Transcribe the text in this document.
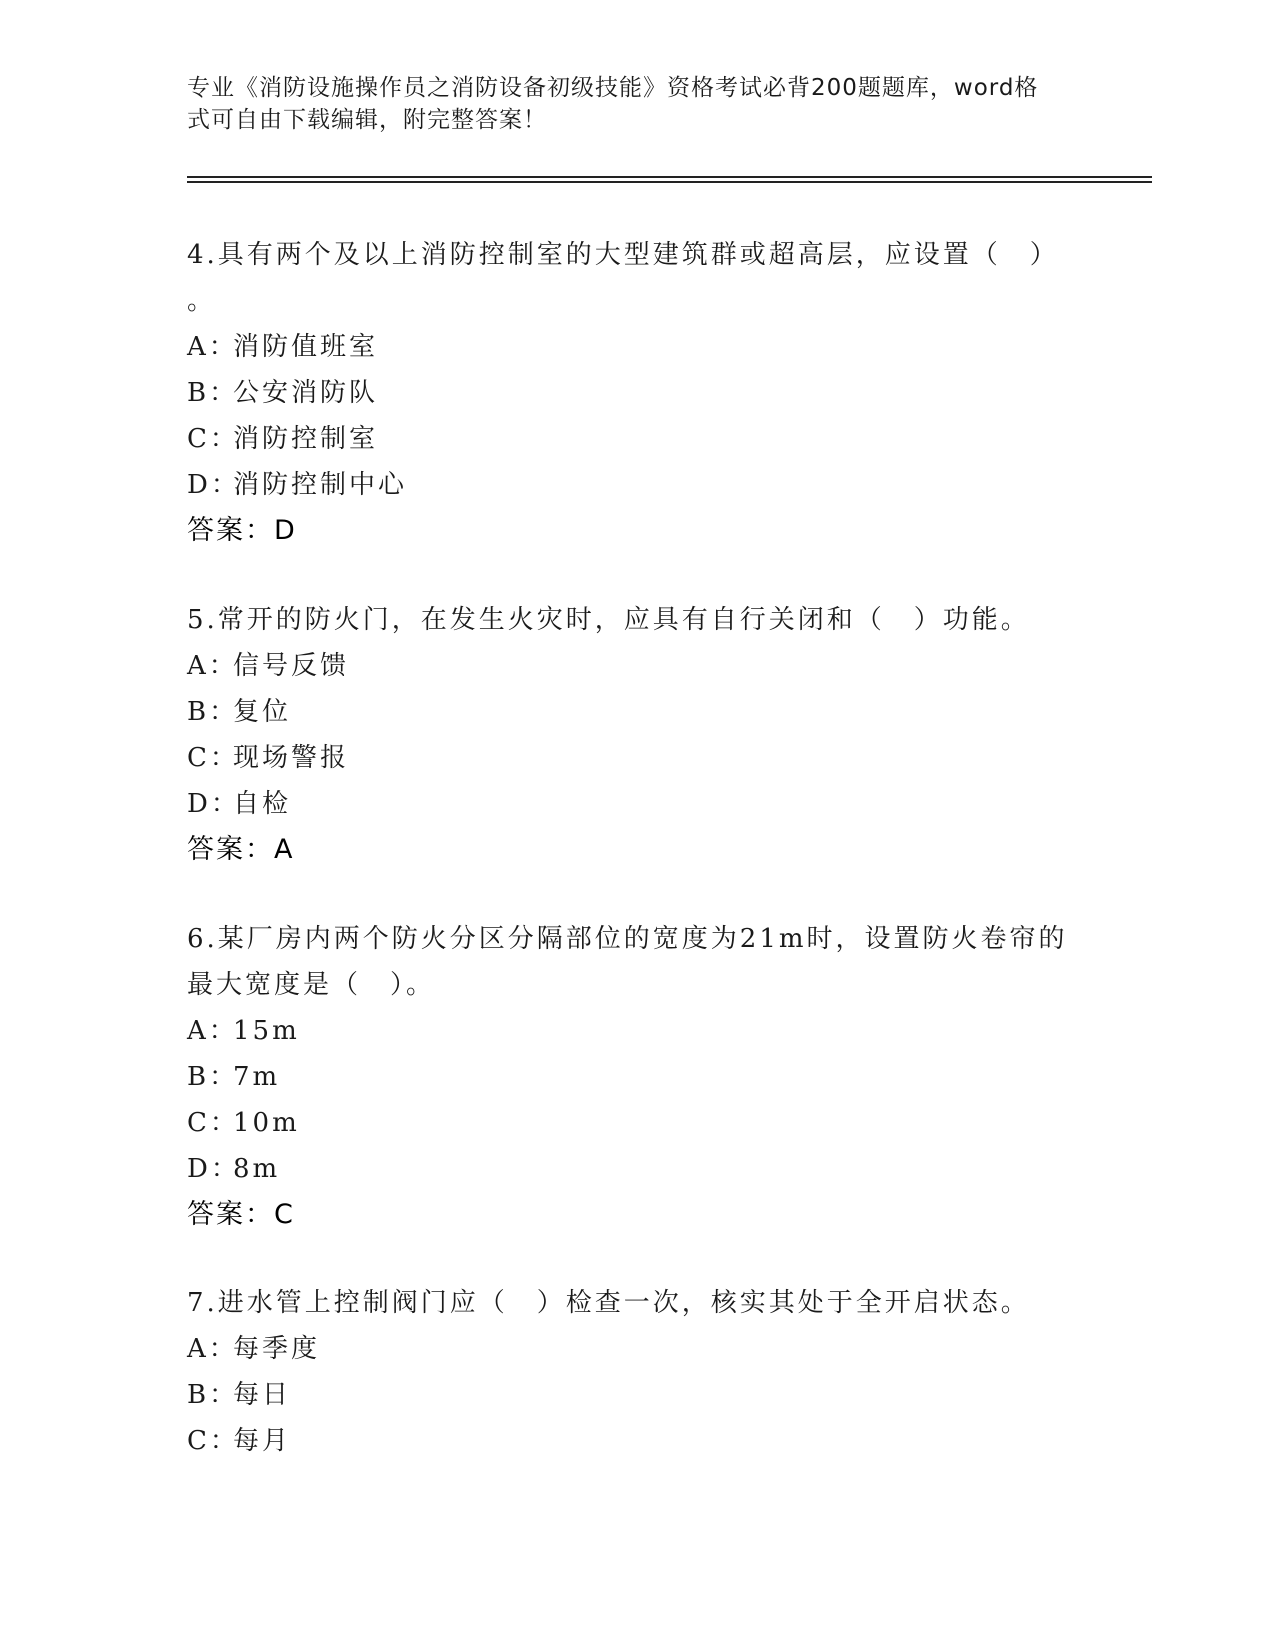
专业《消防设施操作员之消防设备初级技能》资格考试必背200题题库，word格

式可自由下载编辑，附完整答案！

4.具有两个及以上消防控制室的大型建筑群或超高层，应设置（　）

。

A：消防值班室

B：公安消防队

C：消防控制室

D：消防控制中心

答案：D

5.常开的防火门，在发生火灾时，应具有自行关闭和（　）功能。

A：信号反馈

B：复位

C：现场警报

D：自检

答案：A

6.某厂房内两个防火分区分隔部位的宽度为21m时，设置防火卷帘的

最大宽度是（　）。

A：15m

B：7m

C：10m

D：8m

答案：C

7.进水管上控制阀门应（　）检查一次，核实其处于全开启状态。

A：每季度

B：每日

C：每月
